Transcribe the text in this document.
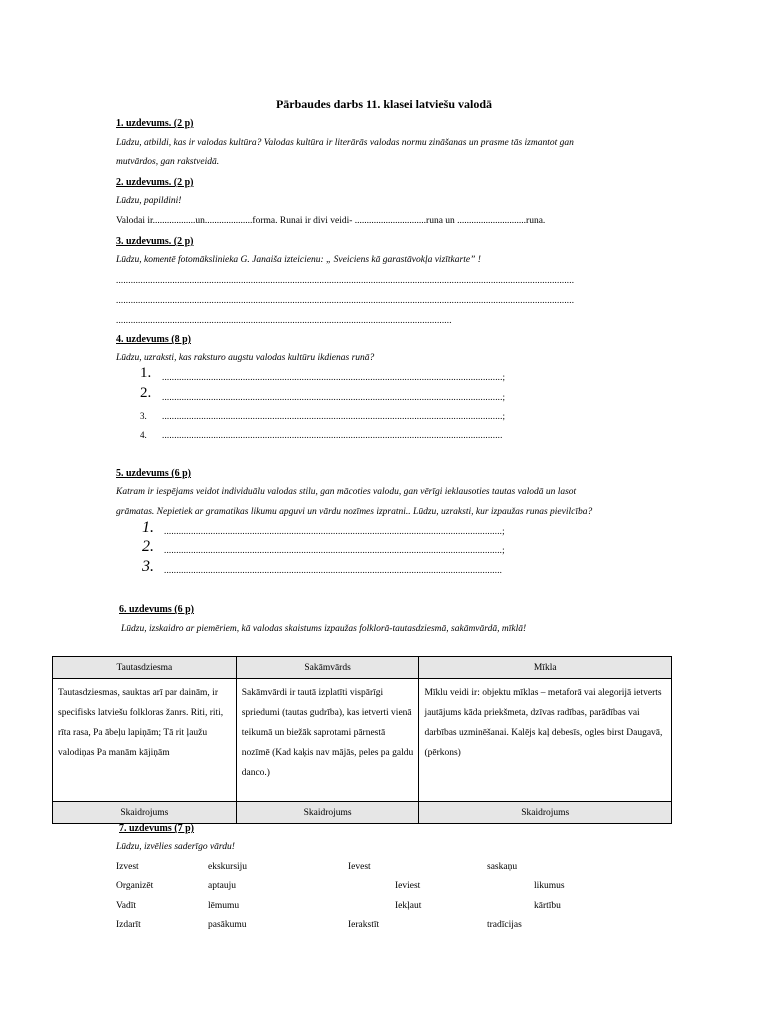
Pārbaudes darbs 11. klasei latviešu valodā
1. uzdevums. (2 p)
Lūdzu, atbildi, kas ir valodas kultūra? Valodas kultūra ir literārās valodas normu zināšanas un prasme tās izmantot gan
mutvārdos, gan rakstveidā.
2. uzdevums. (2 p)
Lūdzu, papildini!
Valodai ir..................un....................forma. Runai ir divi veidi- ..............................runa un .............................runa.
3. uzdevums. (2 p)
Lūdzu, komentē fotomākslinieka G. Janaiša izteicienu: „ Sveiciens kā garastāvokļa vizītkarte” !
...........................................................................................................................................................................................
...........................................................................................................................................................................................
.........................................................................................................................................
4. uzdevums (8 p)
Lūdzu, uzraksti, kas raksturo augstu valodas kultūru ikdienas runā?
1. ...........................................................................................................................................;
2. ...........................................................................................................................................;
3. ...........................................................................................................................................;
4. ...........................................................................................................................................
5. uzdevums (6 p)
Katram ir iespējams veidot individuālu valodas stilu, gan mācoties valodu, gan vērīgi ieklausoties tautas valodā un lasot
grāmatas. Nepietiek ar gramatikas likumu apguvi un vārdu nozīmes izpratni.. Lūdzu, uzraksti, kur izpaužas runas pievilcība?
1. ..........................................................................................................................................;
2. ..........................................................................................................................................;
3. ..........................................................................................................................................
6. uzdevums (6 p)
Lūdzu, izskaidro ar piemēriem, kā valodas skaistums izpaužas folklorā-tautasdziesmā, sakāmvārdā, mīklā!
Tautasdziesma	Sakāmvārds	Mīkla
Tautasdziesmas, sauktas arī par dainām, ir specifisks latviešu folkloras žanrs. Riti, riti, rīta rasa, Pa ābeļu lapiņām; Tā rit ļaužu valodiņas Pa manām kājiņām	Sakāmvārdi ir tautā izplatīti vispārīgi spriedumi (tautas gudrība), kas ietverti vienā teikumā un biežāk saprotami pārnestā nozīmē (Kad kaķis nav mājās, peles pa galdu danco.)	Mīklu veidi ir: objektu mīklas – metaforā vai alegorijā ietverts jautājums kāda priekšmeta, dzīvas radības, parādības vai darbības uzminēšanai. Kalējs kaļ debesīs, ogles birst Daugavā, (pērkons)
Skaidrojums	Skaidrojums	Skaidrojums
7. uzdevums (7 p)
Lūdzu, izvēlies saderīgo vārdu!
Izvest	ekskursiju	Ievest	saskaņu
Organizēt	aptauju	Ieviest	likumus
Vadīt	lēmumu	Iekļaut	kārtību
Izdarīt	pasākumu	Ierakstīt	tradīcijas
